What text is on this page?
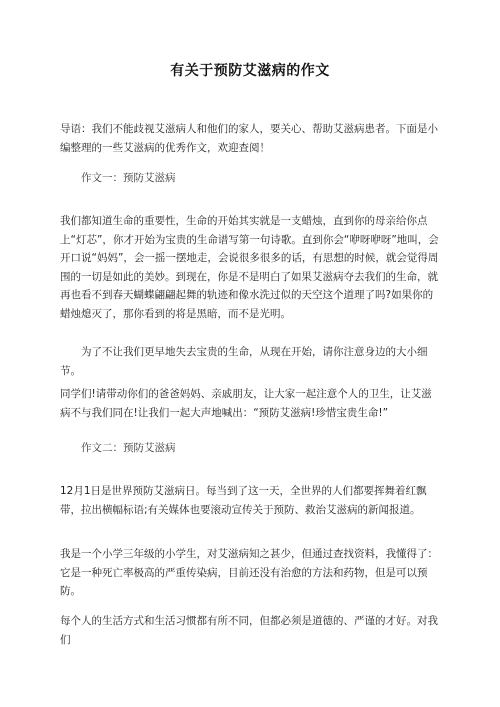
有关于预防艾滋病的作文

导语：我们不能歧视艾滋病人和他们的家人，要关心、帮助艾滋病患者。下面是小编整理的一些艾滋病的优秀作文，欢迎查阅！

作文一：预防艾滋病

我们都知道生命的重要性，生命的开始其实就是一支蜡烛，直到你的母亲给你点上“灯芯”，你才开始为宝贵的生命谱写第一句诗歌。直到你会“咿呀咿呀”地叫，会开口说“妈妈”，会一摇一摆地走，会说很多很多的话，有思想的时候，就会觉得周围的一切是如此的美妙。到现在，你是不是明白了如果艾滋病夺去我们的生命，就再也看不到春天蝴蝶翩翩起舞的轨迹和像水洗过似的天空这个道理了吗?如果你的蜡烛熄灭了，那你看到的将是黑暗，而不是光明。

为了不让我们更早地失去宝贵的生命，从现在开始，请你注意身边的大小细节。

同学们!请带动你们的爸爸妈妈、亲戚朋友，让大家一起注意个人的卫生，让艾滋病不与我们同在!让我们一起大声地喊出：“预防艾滋病!珍惜宝贵生命!”

作文二：预防艾滋病

12月1日是世界预防艾滋病日。每当到了这一天，全世界的人们都要挥舞着红飘带，拉出横幅标语;有关媒体也要滚动宣传关于预防、救治艾滋病的新闻报道。

我是一个小学三年级的小学生，对艾滋病知之甚少，但通过查找资料，我懂得了：它是一种死亡率极高的严重传染病，目前还没有治愈的方法和药物，但是可以预防。

每个人的生活方式和生活习惯都有所不同，但都必须是道德的、严谨的才好。对我们
